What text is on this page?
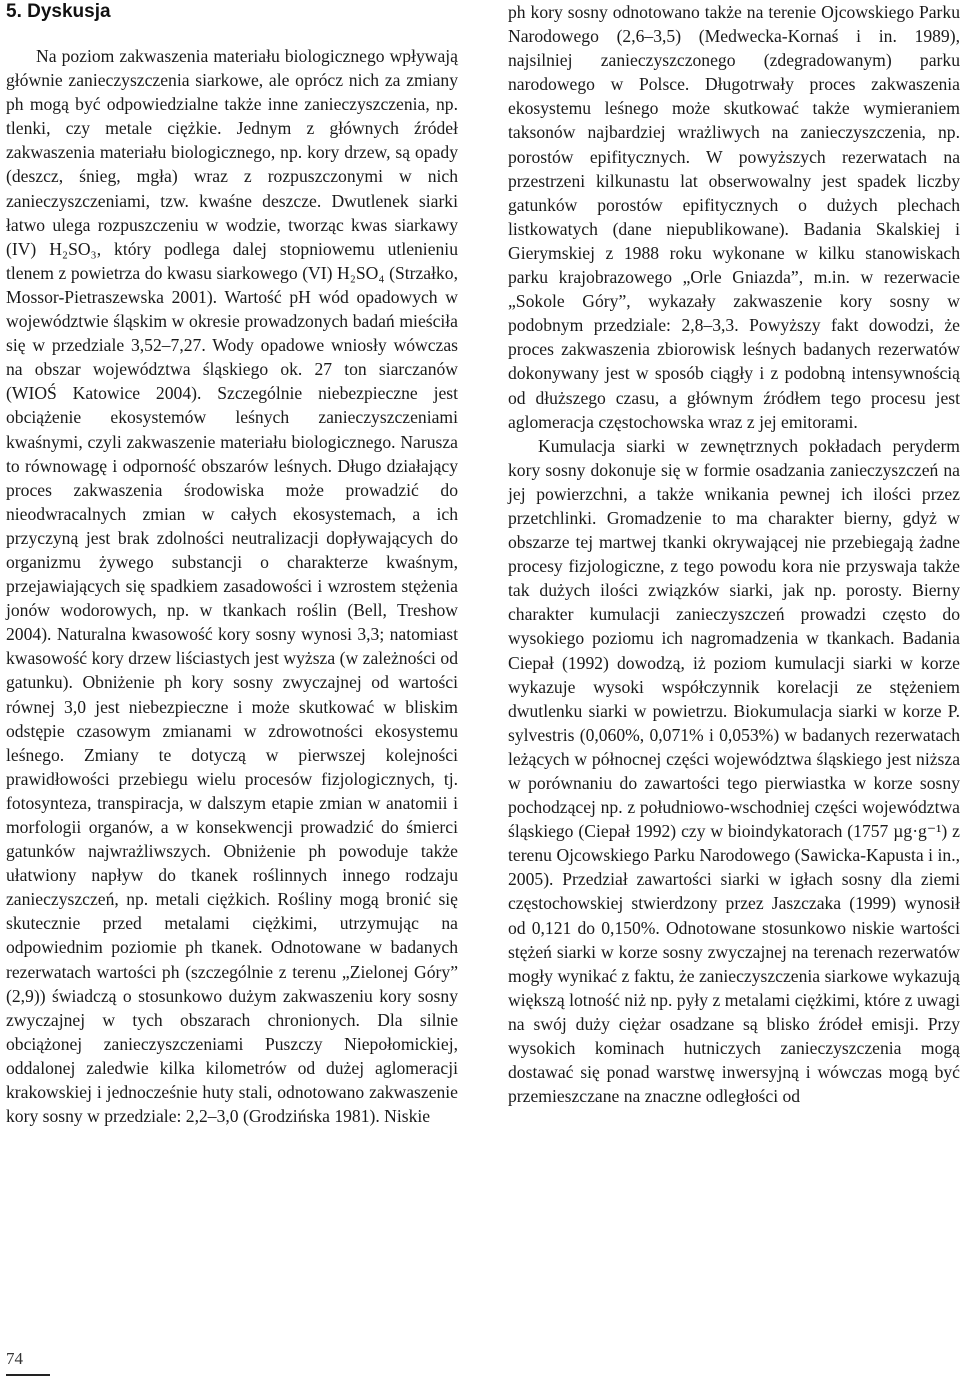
5. Dyskusja

Na poziom zakwaszenia materiału biologicznego wpływają głównie zanieczyszczenia siarkowe, ale oprócz nich za zmiany ph mogą być odpowiedzialne także inne zanieczyszczenia, np. tlenki, czy metale ciężkie. Jednym z głównych źródeł zakwaszenia materiału biologicznego, np. kory drzew, są opady (deszcz, śnieg, mgła) wraz z rozpuszczonymi w nich zanieczyszczeniami, tzw. kwaśne deszcze. Dwutlenek siarki łatwo ulega rozpuszczeniu w wodzie, tworząc kwas siarkawy (IV) H₂SO₃, który podlega dalej stopniowemu utlenieniu tlenem z powietrza do kwasu siarkowego (VI) H₂SO₄ (Strzałko, Mossor-Pietraszewska 2001). Wartość pH wód opadowych w województwie śląskim w okresie prowadzonych badań mieściła się w przedziale 3,52–7,27. Wody opadowe wniosły wówczas na obszar województwa śląskiego ok. 27 ton siarczanów (WIOŚ Katowice 2004). Szczególnie niebezpieczne jest obciążenie ekosystemów leśnych zanieczyszczeniami kwaśnymi, czyli zakwaszenie materiału biologicznego. Narusza to równowagę i odporność obszarów leśnych. Długo działający proces zakwaszenia środowiska może prowadzić do nieodwracalnych zmian w całych ekosystemach, a ich przyczyną jest brak zdolności neutralizacji dopływających do organizmu żywego substancji o charakterze kwaśnym, przejawiających się spadkiem zasadowości i wzrostem stężenia jonów wodorowych, np. w tkankach roślin (Bell, Treshow 2004). Naturalna kwasowość kory sosny wynosi 3,3; natomiast kwasowość kory drzew liściastych jest wyższa (w zależności od gatunku). Obniżenie ph kory sosny zwyczajnej od wartości równej 3,0 jest niebezpieczne i może skutkować w bliskim odstępie czasowym zmianami w zdrowotności ekosystemu leśnego. Zmiany te dotyczą w pierwszej kolejności prawidłowości przebiegu wielu procesów fizjologicznych, tj. fotosynteza, transpiracja, w dalszym etapie zmian w anatomii i morfologii organów, a w konsekwencji prowadzić do śmierci gatunków najwrażliwszych. Obniżenie ph powoduje także ułatwiony napływ do tkanek roślinnych innego rodzaju zanieczyszczeń, np. metali ciężkich. Rośliny mogą bronić się skutecznie przed metalami ciężkimi, utrzymując na odpowiednim poziomie ph tkanek. Odnotowane w badanych rezerwatach wartości ph (szczególnie z terenu „Zielonej Góry” (2,9)) świadczą o stosunkowo dużym zakwaszeniu kory sosny zwyczajnej w tych obszarach chronionych. Dla silnie obciążonej zanieczyszczeniami Puszczy Niepołomickiej, oddalonej zaledwie kilka kilometrów od dużej aglomeracji krakowskiej i jednocześnie huty stali, odnotowano zakwaszenie kory sosny w przedziale: 2,2–3,0 (Grodzińska 1981). Niskie

ph kory sosny odnotowano także na terenie Ojcowskiego Parku Narodowego (2,6–3,5) (Medwecka-Kornaś i in. 1989), najsilniej zanieczyszczonego (zdegradowanym) parku narodowego w Polsce. Długotrwały proces zakwaszenia ekosystemu leśnego może skutkować także wymieraniem taksonów najbardziej wrażliwych na zanieczyszczenia, np. porostów epifitycznych. W powyższych rezerwatach na przestrzeni kilkunastu lat obserwowalny jest spadek liczby gatunków porostów epifitycznych o dużych plechach listkowatych (dane niepublikowane). Badania Skalskiej i Gierymskiej z 1988 roku wykonane w kilku stanowiskach parku krajobrazowego „Orle Gniazda”, m.in. w rezerwacie „Sokole Góry”, wykazały zakwaszenie kory sosny w podobnym przedziale: 2,8–3,3. Powyższy fakt dowodzi, że proces zakwaszenia zbiorowisk leśnych badanych rezerwatów dokonywany jest w sposób ciągły i z podobną intensywnością od dłuższego czasu, a głównym źródłem tego procesu jest aglomeracja częstochowska wraz z jej emitorami.

Kumulacja siarki w zewnętrznych pokładach peryderm kory sosny dokonuje się w formie osadzania zanieczyszczeń na jej powierzchni, a także wnikania pewnej ich ilości przez przetchlinki. Gromadzenie to ma charakter bierny, gdyż w obszarze tej martwej tkanki okrywającej nie przebiegają żadne procesy fizjologiczne, z tego powodu kora nie przyswaja także tak dużych ilości związków siarki, jak np. porosty. Bierny charakter kumulacji zanieczyszczeń prowadzi często do wysokiego poziomu ich nagromadzenia w tkankach. Badania Ciepał (1992) dowodzą, iż poziom kumulacji siarki w korze wykazuje wysoki współczynnik korelacji ze stężeniem dwutlenku siarki w powietrzu. Biokumulacja siarki w korze P. sylvestris (0,060%, 0,071% i 0,053%) w badanych rezerwatach leżących w północnej części województwa śląskiego jest niższa w porównaniu do zawartości tego pierwiastka w korze sosny pochodzącej np. z południowo-wschodniej części województwa śląskiego (Ciepał 1992) czy w bioindykatorach (1757 µg·g⁻¹) z terenu Ojcowskiego Parku Narodowego (Sawicka-Kapusta i in., 2005). Przedział zawartości siarki w igłach sosny dla ziemi częstochowskiej stwierdzony przez Jaszczaka (1999) wynosił od 0,121 do 0,150%. Odnotowane stosunkowo niskie wartości stężeń siarki w korze sosny zwyczajnej na terenach rezerwatów mogły wynikać z faktu, że zanieczyszczenia siarkowe wykazują większą lotność niż np. pyły z metalami ciężkimi, które z uwagi na swój duży ciężar osadzane są blisko źródeł emisji. Przy wysokich kominach hutniczych zanieczyszczenia mogą dostawać się ponad warstwę inwersyjną i wówczas mogą być przemieszczane na znaczne odległości od

74
